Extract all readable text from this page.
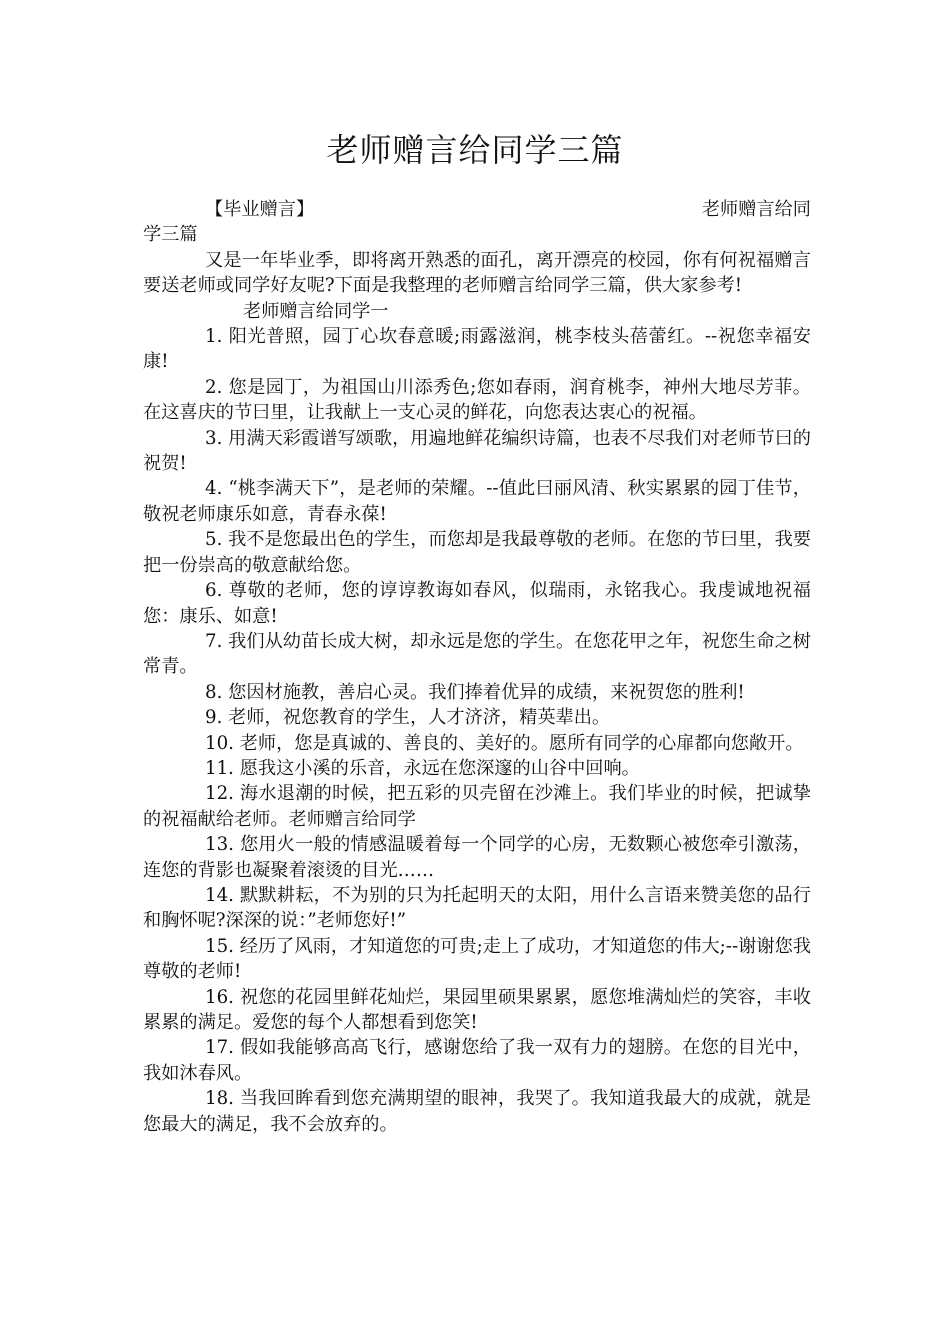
老师赠言给同学三篇

【毕业赠言】	老师赠言给同

学三篇

又是一年毕业季，即将离开熟悉的面孔，离开漂亮的校园，你有何祝福赠言要送老师或同学好友呢?下面是我整理的老师赠言给同学三篇，供大家参考!

老师赠言给同学一

1. 阳光普照，园丁心坎春意暖;雨露滋润，桃李枝头蓓蕾红。--祝您幸福安康!

2. 您是园丁，为祖国山川添秀色;您如春雨，润育桃李，神州大地尽芳菲。在这喜庆的节曰里，让我献上一支心灵的鲜花，向您表达衷心的祝福。

3. 用满天彩霞谱写颂歌，用遍地鲜花编织诗篇，也表不尽我们对老师节曰的祝贺!

4. “桃李满天下”，是老师的荣耀。--值此曰丽风清、秋实累累的园丁佳节，敬祝老师康乐如意，青春永葆!

5. 我不是您最出色的学生，而您却是我最尊敬的老师。在您的节曰里，我要把一份崇高的敬意献给您。

6. 尊敬的老师，您的谆谆教诲如春风，似瑞雨，永铭我心。我虔诚地祝福您：康乐、如意!

7. 我们从幼苗长成大树，却永远是您的学生。在您花甲之年，祝您生命之树常青。

8. 您因材施教，善启心灵。我们捧着优异的成绩，来祝贺您的胜利!

9. 老师，祝您教育的学生，人才济济，精英辈出。

10. 老师，您是真诚的、善良的、美好的。愿所有同学的心扉都向您敞开。

11. 愿我这小溪的乐音，永远在您深邃的山谷中回响。

12. 海水退潮的时候，把五彩的贝壳留在沙滩上。我们毕业的时候，把诚挚的祝福献给老师。老师赠言给同学

13. 您用火一般的情感温暖着每一个同学的心房，无数颗心被您牵引激荡，连您的背影也凝聚着滚烫的目光……

14. 默默耕耘，不为别的只为托起明天的太阳，用什么言语来赞美您的品行和胸怀呢?深深的说：”老师您好!”

15. 经历了风雨，才知道您的可贵;走上了成功，才知道您的伟大;--谢谢您我尊敬的老师!

16. 祝您的花园里鲜花灿烂，果园里硕果累累，愿您堆满灿烂的笑容，丰收累累的满足。爱您的每个人都想看到您笑!

17. 假如我能够高高飞行，感谢您给了我一双有力的翅膀。在您的目光中，我如沐春风。

18. 当我回眸看到您充满期望的眼神，我哭了。我知道我最大的成就，就是您最大的满足，我不会放弃的。
